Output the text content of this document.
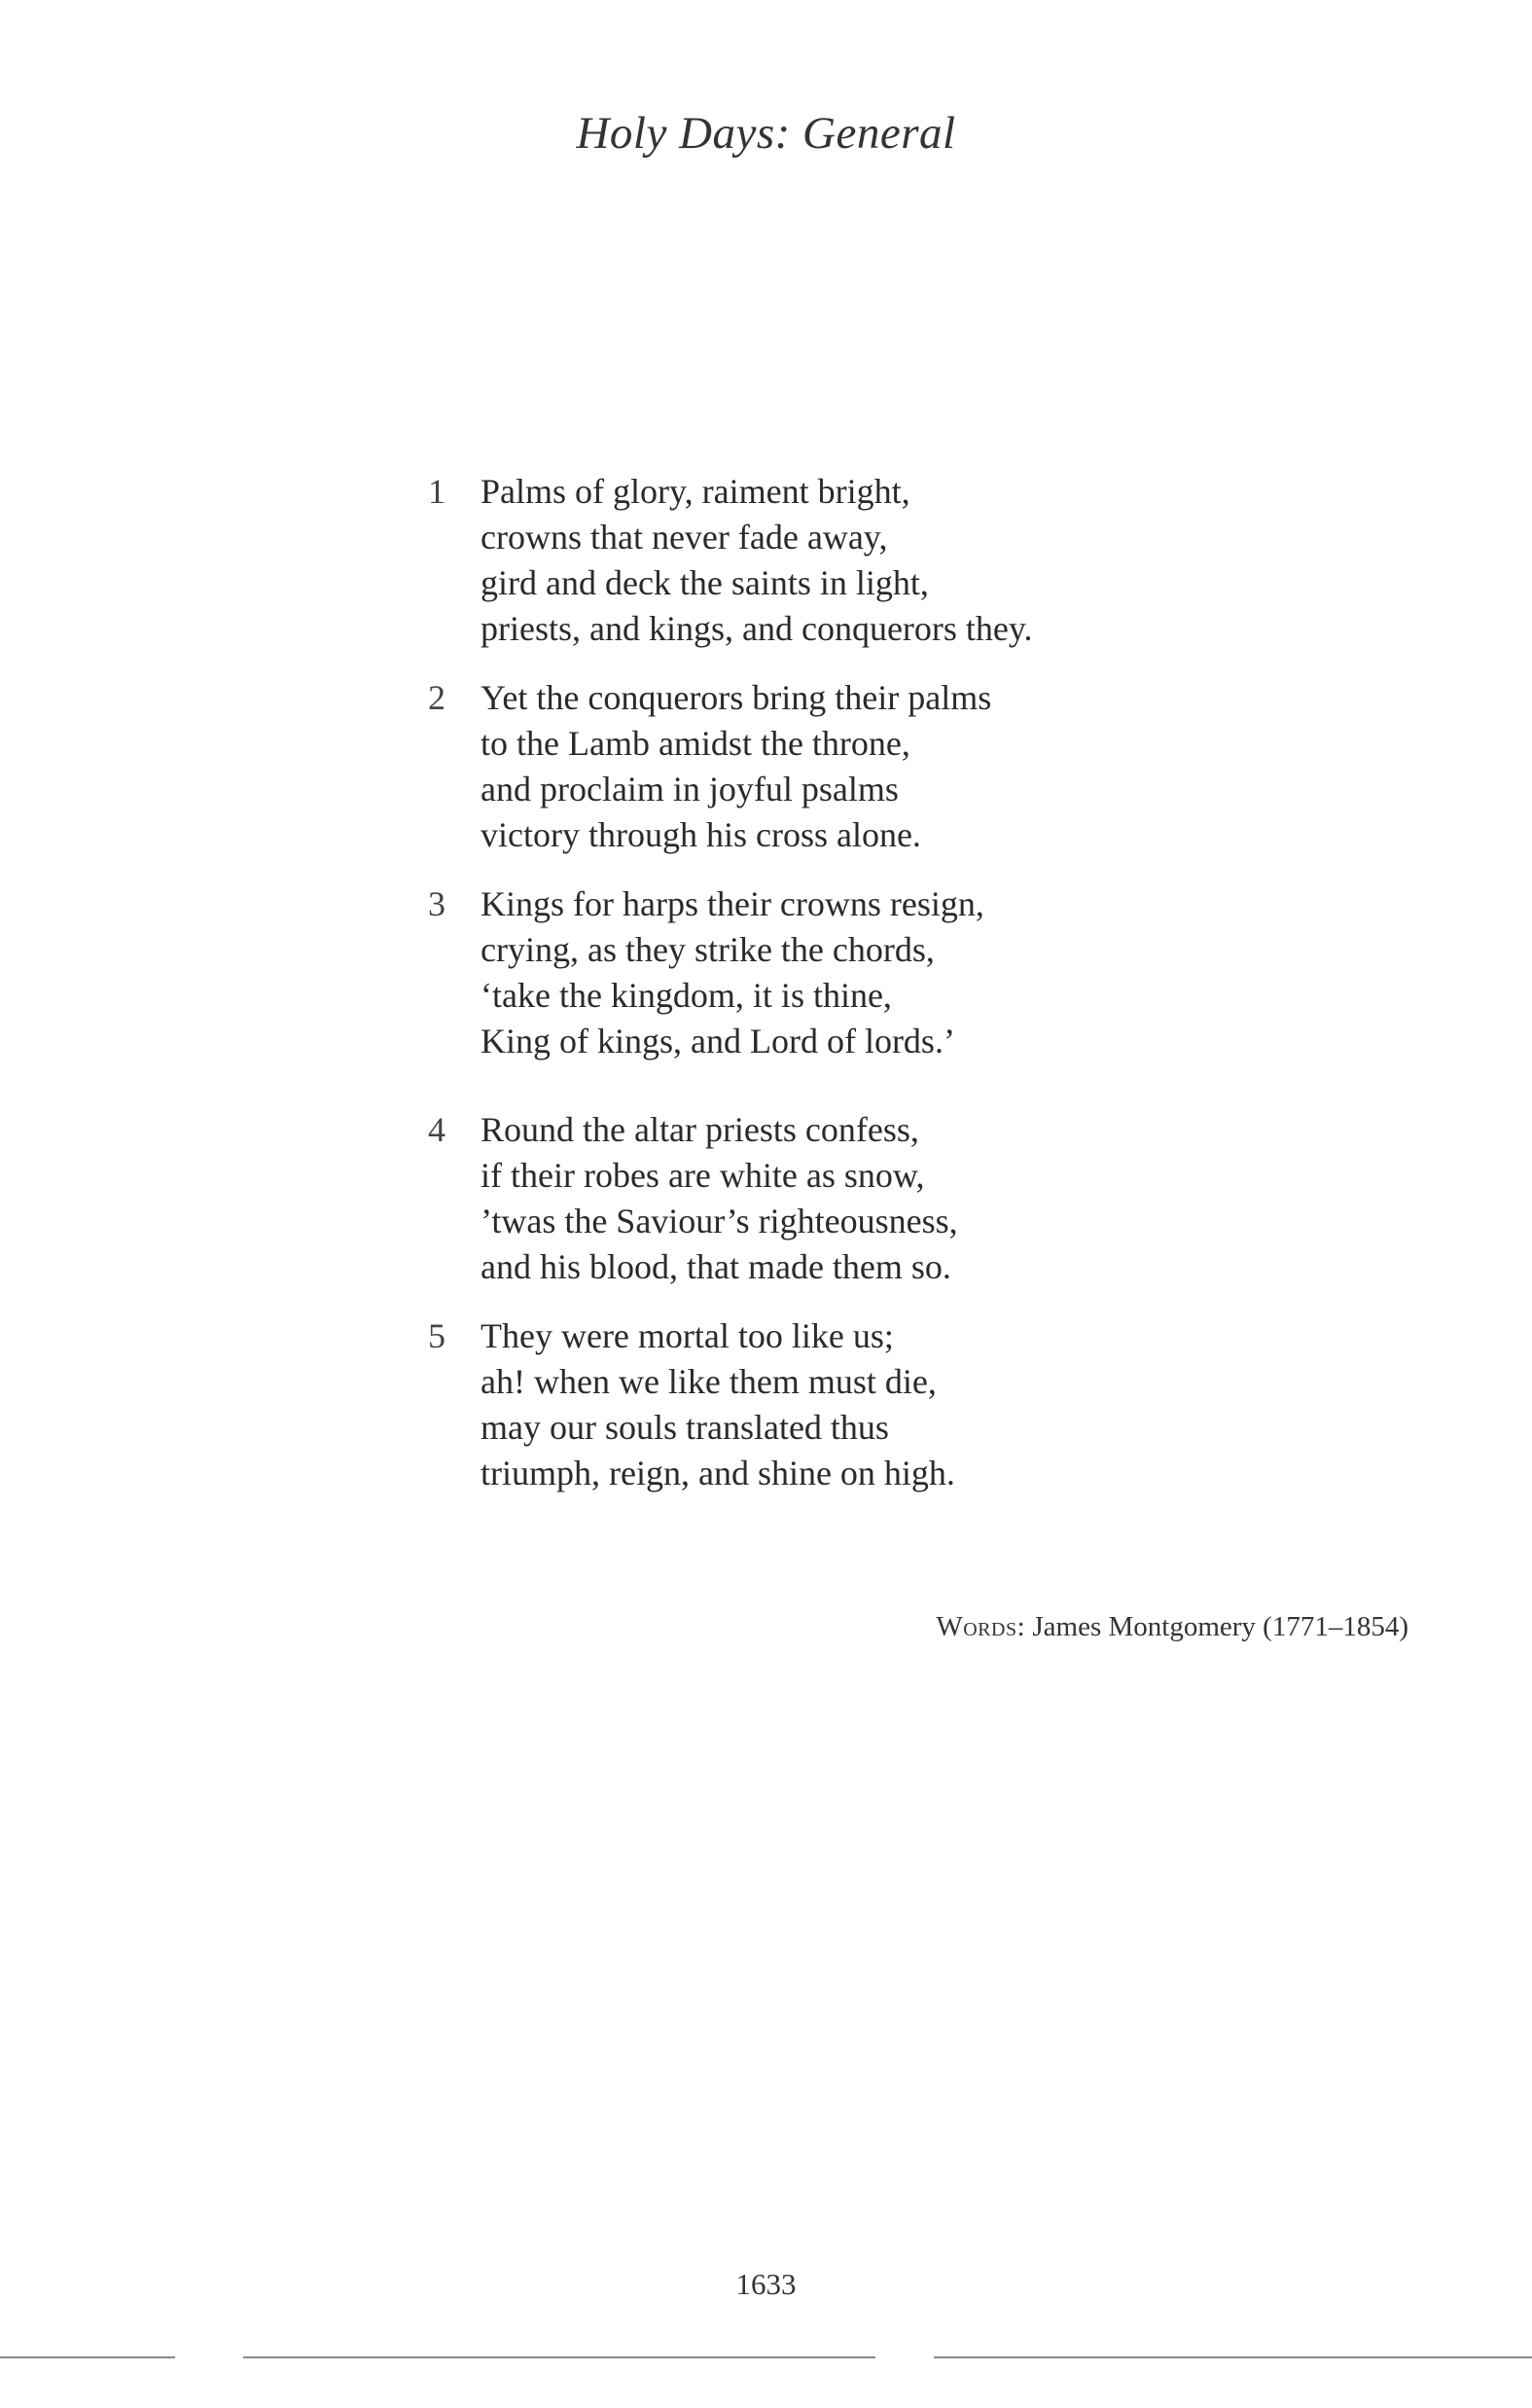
Holy Days: General
1 Palms of glory, raiment bright,
crowns that never fade away,
gird and deck the saints in light,
priests, and kings, and conquerors they.
2 Yet the conquerors bring their palms
to the Lamb amidst the throne,
and proclaim in joyful psalms
victory through his cross alone.
3 Kings for harps their crowns resign,
crying, as they strike the chords,
‘take the kingdom, it is thine,
King of kings, and Lord of lords.’
4 Round the altar priests confess,
if their robes are white as snow,
’twas the Saviour’s righteousness,
and his blood, that made them so.
5 They were mortal too like us;
ah! when we like them must die,
may our souls translated thus
triumph, reign, and shine on high.
Words: James Montgomery (1771–1854)
1633
